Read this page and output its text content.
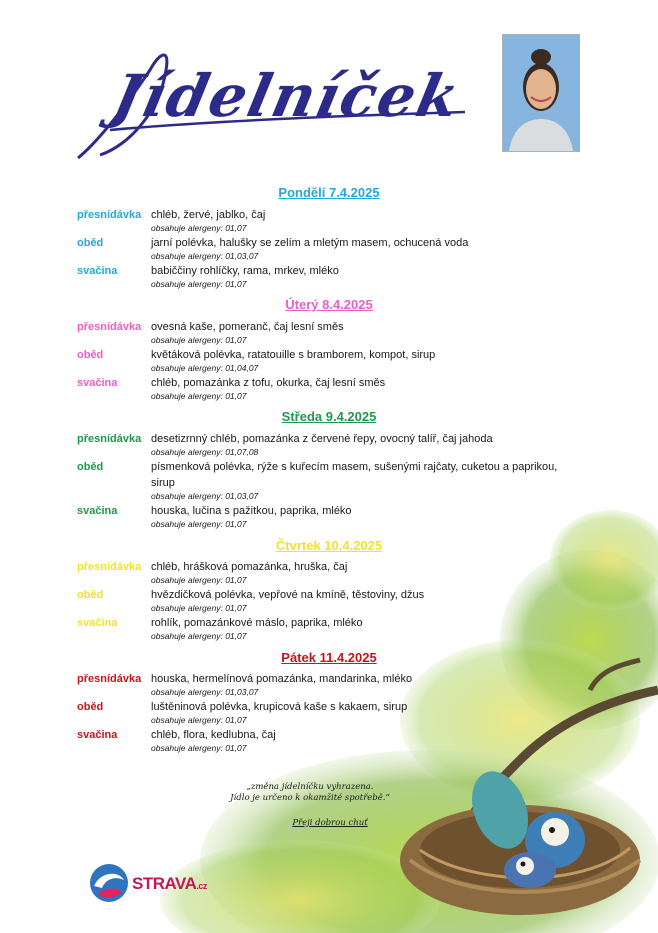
Jídelníček
Pondělí 7.4.2025
přesnídávka chléb, žervé, jablko, čaj
obsahuje alergeny: 01,07
oběd	jarní polévka, halušky se zelím a mletým masem, ochucená voda
obsahuje alergeny: 01,03,07
svačina	babiččiny rohlíčky, rama, mrkev, mléko
obsahuje alergeny: 01,07
Úterý 8.4.2025
přesnídávka ovesná kaše, pomeranč, čaj lesní směs
obsahuje alergeny: 01,07
oběd	květáková polévka, ratatouille s bramborem, kompot, sirup
obsahuje alergeny: 01,04,07
svačina	chléb, pomazánka z tofu, okurka, čaj lesní směs
obsahuje alergeny: 01,07
Středa 9.4.2025
přesnídávka desetizrnný chléb, pomazánka z červené řepy, ovocný talíř, čaj jahoda
obsahuje alergeny: 01,07,08
oběd	písmenková polévka, rýže s kuřecím masem, sušenými rajčaty, cuketou a paprikou, sirup
obsahuje alergeny: 01,03,07
svačina	houska, lučina s pažitkou, paprika, mléko
obsahuje alergeny: 01,07
Čtvrtek 10.4.2025
přesnídávka chléb, hrášková pomazánka, hruška, čaj
obsahuje alergeny: 01,07
oběd	hvězdičková polévka, vepřové na kmíně, těstoviny, džus
obsahuje alergeny: 01,07
svačina	rohlík, pomazánkové máslo, paprika, mléko
obsahuje alergeny: 01,07
Pátek 11.4.2025
přesnídávka houska, hermelínová pomazánka, mandarinka, mléko
obsahuje alergeny: 01,03,07
oběd	luštěninová polévka, krupicová kaše s kakaem, sirup
obsahuje alergeny: 01,07
svačina	chléb, flora, kedlubna, čaj
obsahuje alergeny: 01,07
„změna jídelníčku vyhrazena.
Jídlo je určeno k okamžité spotřebě.“
Přeji dobrou chuť
STRAVA.cz
